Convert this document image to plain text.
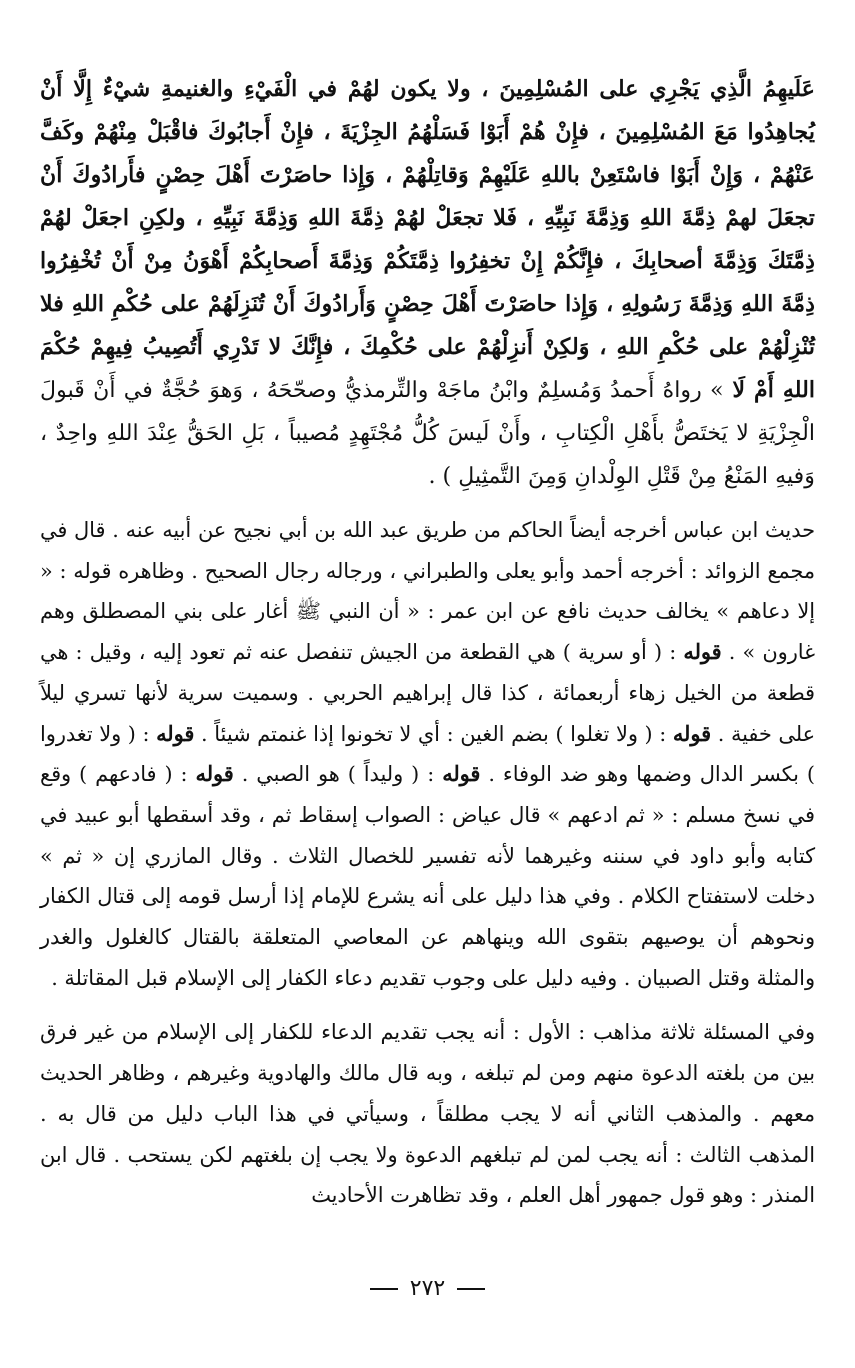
عَلَيهِمُ الَّذِي يَجْرِي على المُسْلِمِينَ ، ولا يكون لهُمْ في الْفَيْءِ والغنيمةِ شيْءٌ إِلَّا أَنْ يُجاهِدُوا مَعَ المُسْلِمِينَ ، فإِنْ هُمْ أَبَوْا فَسَلْهُمُ الجِزْيَةَ ، فإِنْ أَجابُوكَ فاقْبَلْ مِنْهُمْ وكَفَّ عَنْهُمْ ، وَإِنْ أَبَوْا فاسْتَعِنْ باللهِ عَلَيْهِمْ وَقاتِلْهُمْ ، وَإِذا حاصَرْتَ أَهْلَ حِصْنٍ فأَرادُوكَ أَنْ تجعَلَ لهمْ ذِمَّةَ اللهِ وَذِمَّةَ نَبِيِّهِ ، فَلا تجعَلْ لهُمْ ذِمَّةَ اللهِ وَذِمَّةَ نَبِيِّهِ ، ولكِنِ اجعَلْ لهُمْ ذِمَّتَكَ وَذِمَّةَ أصحابِكَ ، فإِنَّكُمْ إِنْ تخفِرُوا ذِمَّتَكُمْ وَذِمَّةَ أَصحابِكُمْ أَهْوَنُ مِنْ أَنْ تُخْفِرُوا ذِمَّةَ اللهِ وَذِمَّةَ رَسُولِهِ ، وَإِذا حاصَرْتَ أَهْلَ حِصْنٍ وَأَرادُوكَ أَنْ تُنَزِلَهُمْ على حُكْمِ اللهِ فلا تُنْزِلْهُمْ على حُكْمِ اللهِ ، وَلكِنْ أَنزِلْهُمْ على حُكْمِكَ ، فإِنَّكَ لا تَدْرِي أَتُصِيبُ فِيهِمْ حُكْمَ اللهِ أَمْ لَا » رواهُ أَحمدُ وَمُسلِمٌ وابْنُ ماجَهْ والتِّرمذيُّ وصحّحَهُ ، وَهوَ حُجَّةٌ في أَنْ قَبولَ الْجِزْيَةِ لا يَختَصُّ بأَهْلِ الْكِتابِ ، وأَنْ لَيسَ كُلُّ مُجْتَهِدٍ مُصيباً ، بَلِ الحَقُّ عِنْدَ اللهِ واحِدٌ ، وَفيهِ المَنْعُ مِنْ قَتْلِ الوِلْدانِ وَمِنَ التَّمثِيلِ ) .

حديث ابن عباس أخرجه أيضاً الحاكم من طريق عبد الله بن أبي نجيح عن أبيه عنه . قال في مجمع الزوائد : أخرجه أحمد وأبو يعلى والطبراني ، ورجاله رجال الصحيح . وظاهره قوله : « إلا دعاهم » يخالف حديث نافع عن ابن عمر : « أن النبي ﷺ أغار على بني المصطلق وهم غارون » . قوله : ( أو سرية ) هي القطعة من الجيش تنفصل عنه ثم تعود إليه ، وقيل : هي قطعة من الخيل زهاء أربعمائة ، كذا قال إبراهيم الحربي . وسميت سرية لأنها تسري ليلاً على خفية . قوله : ( ولا تغلوا ) بضم الغين : أي لا تخونوا إذا غنمتم شيئاً . قوله : ( ولا تغدروا ) بكسر الدال وضمها وهو ضد الوفاء . قوله : ( وليداً ) هو الصبي . قوله : ( فادعهم ) وقع في نسخ مسلم : « ثم ادعهم » قال عياض : الصواب إسقاط ثم ، وقد أسقطها أبو عبيد في كتابه وأبو داود في سننه وغيرهما لأنه تفسير للخصال الثلاث . وقال المازري إن « ثم » دخلت لاستفتاح الكلام . وفي هذا دليل على أنه يشرع للإمام إذا أرسل قومه إلى قتال الكفار ونحوهم أن يوصيهم بتقوى الله وينهاهم عن المعاصي المتعلقة بالقتال كالغلول والغدر والمثلة وقتل الصبيان . وفيه دليل على وجوب تقديم دعاء الكفار إلى الإسلام قبل المقاتلة .

وفي المسئلة ثلاثة مذاهب : الأول : أنه يجب تقديم الدعاء للكفار إلى الإسلام من غير فرق بين من بلغته الدعوة منهم ومن لم تبلغه ، وبه قال مالك والهادوية وغيرهم ، وظاهر الحديث معهم . والمذهب الثاني أنه لا يجب مطلقاً ، وسيأتي في هذا الباب دليل من قال به . المذهب الثالث : أنه يجب لمن لم تبلغهم الدعوة ولا يجب إن بلغتهم لكن يستحب . قال ابن المنذر : وهو قول جمهور أهل العلم ، وقد تظاهرت الأحاديث

٢٧٢
